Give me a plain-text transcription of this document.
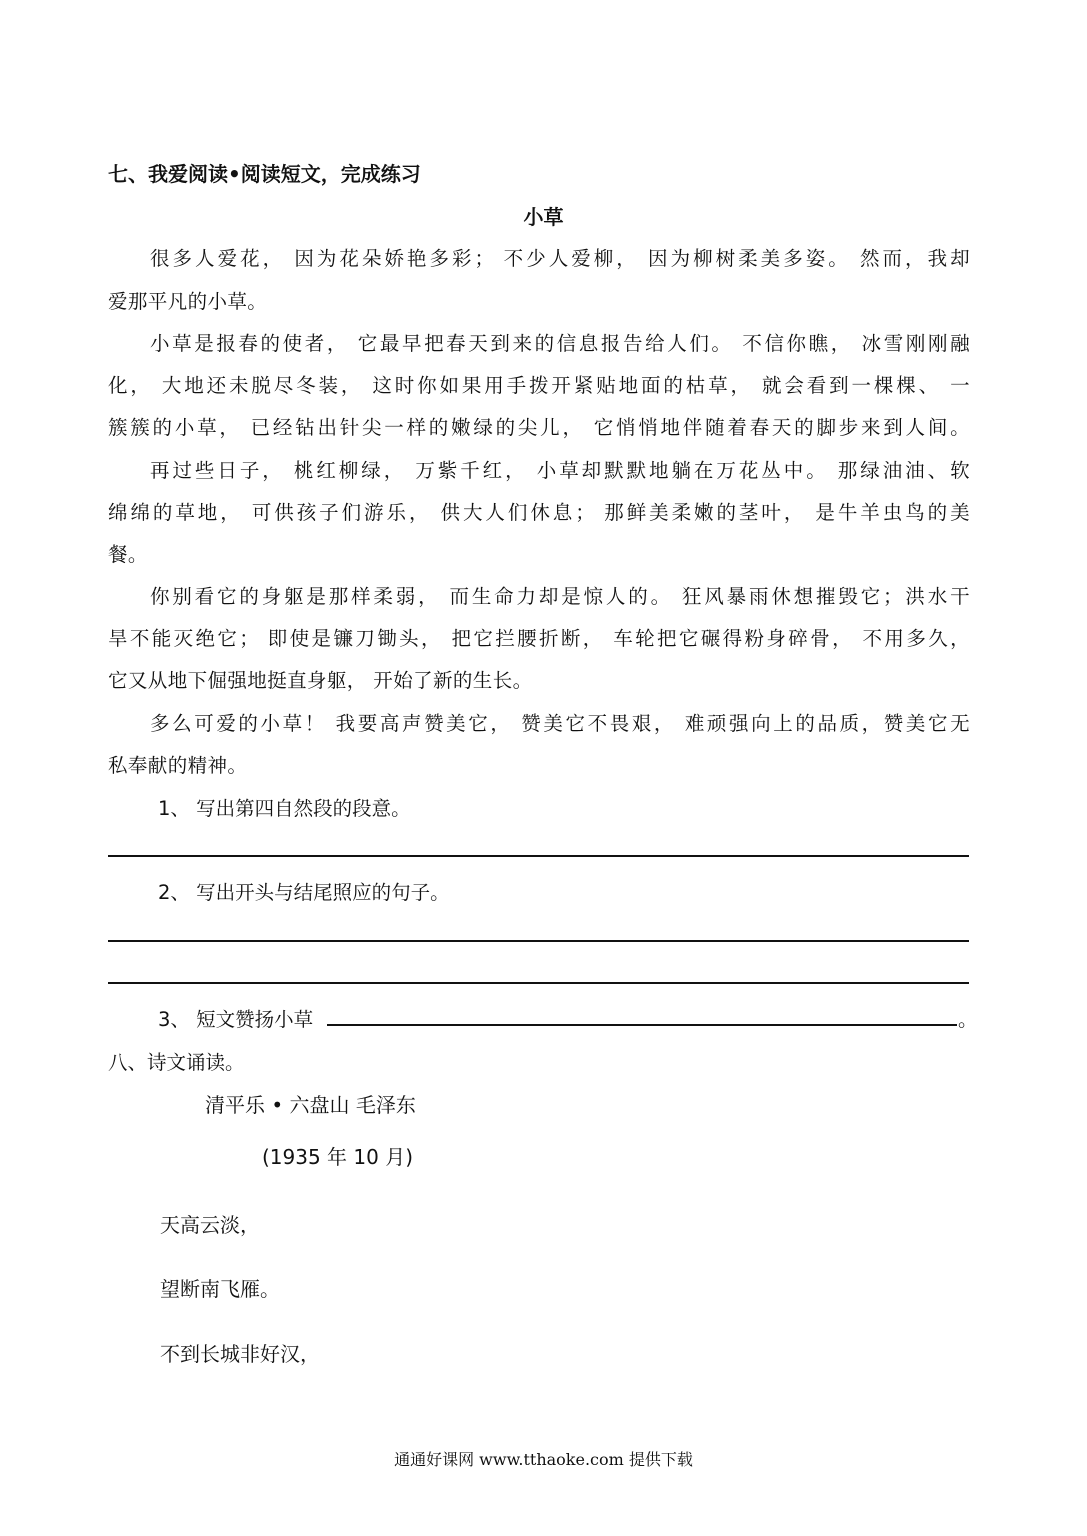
七、我爱阅读•阅读短文，完成练习
小草
很多人爱花， 因为花朵娇艳多彩； 不少人爱柳， 因为柳树柔美多姿。 然而，我却
爱那平凡的小草。
小草是报春的使者， 它最早把春天到来的信息报告给人们。 不信你瞧， 冰雪刚刚融
化， 大地还未脱尽冬装， 这时你如果用手拨开紧贴地面的枯草， 就会看到一棵棵、 一
簇簇的小草， 已经钻出针尖一样的嫩绿的尖儿， 它悄悄地伴随着春天的脚步来到人间。
再过些日子， 桃红柳绿， 万紫千红， 小草却默默地躺在万花丛中。 那绿油油、软
绵绵的草地， 可供孩子们游乐， 供大人们休息； 那鲜美柔嫩的茎叶， 是牛羊虫鸟的美
餐。
你别看它的身躯是那样柔弱， 而生命力却是惊人的。 狂风暴雨休想摧毁它；洪水干
旱不能灭绝它； 即使是镰刀锄头， 把它拦腰折断， 车轮把它碾得粉身碎骨， 不用多久，
它又从地下倔强地挺直身躯， 开始了新的生长。
多么可爱的小草！ 我要高声赞美它， 赞美它不畏艰， 难顽强向上的品质，赞美它无
私奉献的精神。
1、 写出第四自然段的段意。
2、 写出开头与结尾照应的句子。
3、 短文赞扬小草	。
八、诗文诵读。
清平乐 • 六盘山 毛泽东
(1935 年 10 月)
天高云淡，
望断南飞雁。
不到长城非好汉，
通通好课网 www.tthaoke.com 提供下载
